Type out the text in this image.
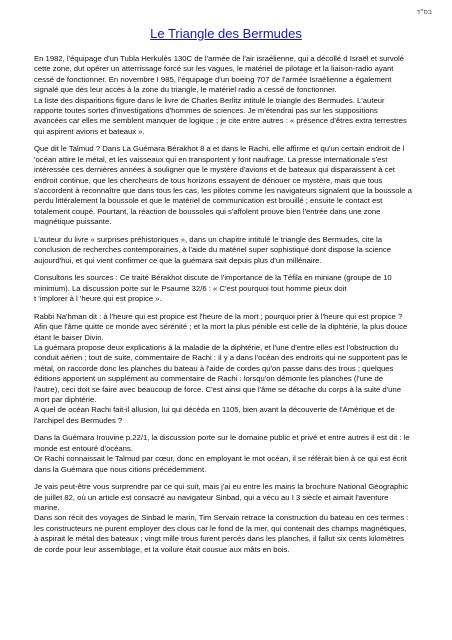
בס"ד
Le Triangle des Bermudes

En 1982, l'équipage d'un Tubla Herkulès 130C de l'armée de l'air israélienne, qui a décollé d Israël et survolé
cette zone, dut opérer un atterrissage forcé sur les vagues, le matériel de pilotage et la liaison-radio ayant
cessé de fonctionner. En novembre I 985, l'équipage d'un boeing 707 de l'armée Israélienne a également
signalé que dès leur accès à la zone du triangle, le matériel radio a cessé de fonctionner.
La liste des disparitions figure dans le livre de Charles Berlitz intitulé le triangle des Bermudes. L'auteur
rapporte toutes sortes d'investigations d'hommes de sciences. Je m'étendrai pas sur les suppositions
avancées car elles me semblent manquer de logique ; je cite entre autres : « présence d'êtres extra terrestres
qui aspirent avions et bateaux ».

Que dit le Talmud ? Dans La Guémara Bérakhot 8 a et dans le Rachi, elle affirme et qu'un certain endroit de l
'océan attire le métal, et les vaisseaux qui en transportent y font naufrage. La presse internationale s'est
intéressée ces dernières années à souligner que le mystère d'avions et de bateaux qui disparaissent à cet
endroit continue, que les chercheurs de tous horizons essayent de dénouer ce mystère, mais que tous
s'accordent à reconnaître que dans tous les cas, les pilotes comme les navigateurs signalent que la boussole a
perdu littéralement la boussole et que le matériel de communication est brouillé ; ensuite le contact est
totalement coupé. Pourtant, la réaction de boussoles qui s'affolent prouve bien l'entrée dans une zone
magnétique puissante.

L'auteur du livre « surprises préhistoriques », dans un chapitre intitulé le triangle des Bermudes, cite la
conclusion de recherches contemporaines, à l'aide du matériel super sophistiqué dont dispose la science
aujourd'hui, et qui vient confirmer ce que la guémara sait depuis plus d'un millénaire.

Consultons les sources : Ce traité Bérakhot discute de l'importance de la Téfila en miniane (groupe de 10
minimum). La discussion porte sur le Psaume 32/6 : « C'est pourquoi tout homme pieux doit
t 'implorer à l 'heure qui est propice ».

Rabbi Na'hman dit : à l'heure qui est propice est l'heure de la mort ; pourquoi prier à l'heure qui est propice ?
Afin que l'âme quitte ce monde avec sérénité ; et la mort la plus pénible est celle de la diphtérie, la plus douce
étant le baiser Divin.

La guémara propose deux explications à la maladie de la diphtérie, et l'une d'entre elles est l'obstruction du
conduit aérien ; tout de suite, commentaire de Rachi : il y a dans l'océan des endroits qui ne supportent pas le
métal, on raccorde donc les planches du bateau à l'aide de cordes qu'on passe dans des trous ; quelques
éditions apportent un supplément au commentaire de Rachi : lorsqu'on démonte les planches (l'une de
l'autre), ceci doit se faire avec beaucoup de force. C'est ainsi que l'âme se détache du corps à la suite d'une
mort par diphtérie.
A quel de océan Rachi fait-il allusion, lui qui décéda en 1105, bien avant la découverte de l'Amérique et de
l'archipel des Bermudes ?

Dans la Guémara Irouvine p.22/1, la discussion porte sur le domaine public et privé et entre autres il est dit : le
monde est entouré d'océans.
Or Rachi connaissait le Talmud par cœur, donc en employant le mot océan, il se référait bien à ce qui est écrit
dans la Guémara que nous citions précédemment.

Je vais peut-être vous surprendre par ce qui suit, mais j'ai eu entre les mains la brochure National Géographic
de juillet 82, où un article est consacré au navigateur Sinbad, qui a vécu au I 3 siècle et aimait l'aventure
marine.
Dans son récit des voyages de Sinbad le marin, Tim Servain retrace la construction du bateau en ces termes :
les constructeurs ne purent employer des clous car le fond de la mer, qui contenait des champs magnétiques,
à aspirait le métal des bateaux ; vingt mille trous furent percés dans les planches, il fallut six cents kilomètres
de corde pour leur assemblage, et la voilure était cousue aux mâts en bois.
